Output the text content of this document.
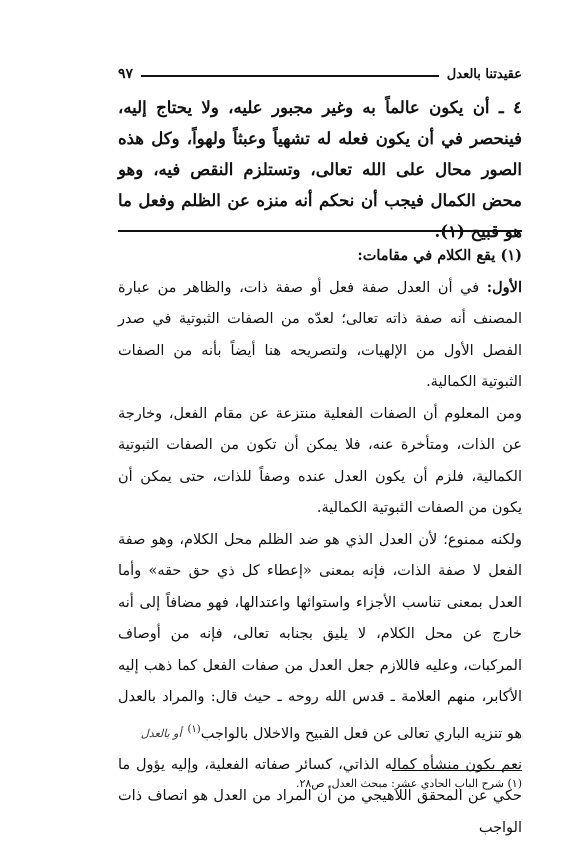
عقيدتنا بالعدل
٩٧

٤ ـ أن يكون عالماً به وغير مجبور عليه، ولا يحتاج إليه، فينحصر في أن يكون فعله له تشهياً وعبثاً ولهواً، وكل هذه الصور محال على الله تعالى، وتستلزم النقص فيه، وهو محض الكمال فيجب أن نحكم أنه منزه عن الظلم وفعل ما هو قبيح (١).

(١) يقع الكلام في مقامات:

الأول: في أن العدل صفة فعل أو صفة ذات، والظاهر من عبارة المصنف أنه صفة ذاته تعالى؛ لعدّه من الصفات الثبوتية في صدر الفصل الأول من الإلهيات، ولتصريحه هنا أيضاً بأنه من الصفات الثبوتية الكمالية.

ومن المعلوم أن الصفات الفعلية منتزعة عن مقام الفعل، وخارجة عن الذات، ومتأخرة عنه، فلا يمكن أن تكون من الصفات الثبوتية الكمالية، فلزم أن يكون العدل عنده وصفاً للذات، حتى يمكن أن يكون من الصفات الثبوتية الكمالية.

ولكنه ممنوع؛ لأن العدل الذي هو ضد الظلم محل الكلام، وهو صفة الفعل لا صفة الذات، فإنه بمعنى «إعطاء كل ذي حق حقه» وأما العدل بمعنى تناسب الأجزاء واستوائها واعتدالها، فهو مضافاً إلى أنه خارج عن محل الكلام، لا يليق بجنابه تعالى، فإنه من أوصاف المركبات، وعليه فاللازم جعل العدل من صفات الفعل كما ذهب إليه الأكابر، منهم العلامة ـ قدس الله روحه ـ حيث قال: والمراد بالعدل هو تنزيه الباري تعالى عن فعل القبيح والاخلال بالواجب$^{(١)}$أو بالعدل

نعم يكون منشأه كماله الذاتي، كسائر صفاته الفعلية، وإليه يؤول ما حكي عن المحقق اللاهيجي من أن المراد من العدل هو اتصاف ذات الواجب

(١) شرح الباب الحادي عشر: مبحث العدل. ص٢٨.
